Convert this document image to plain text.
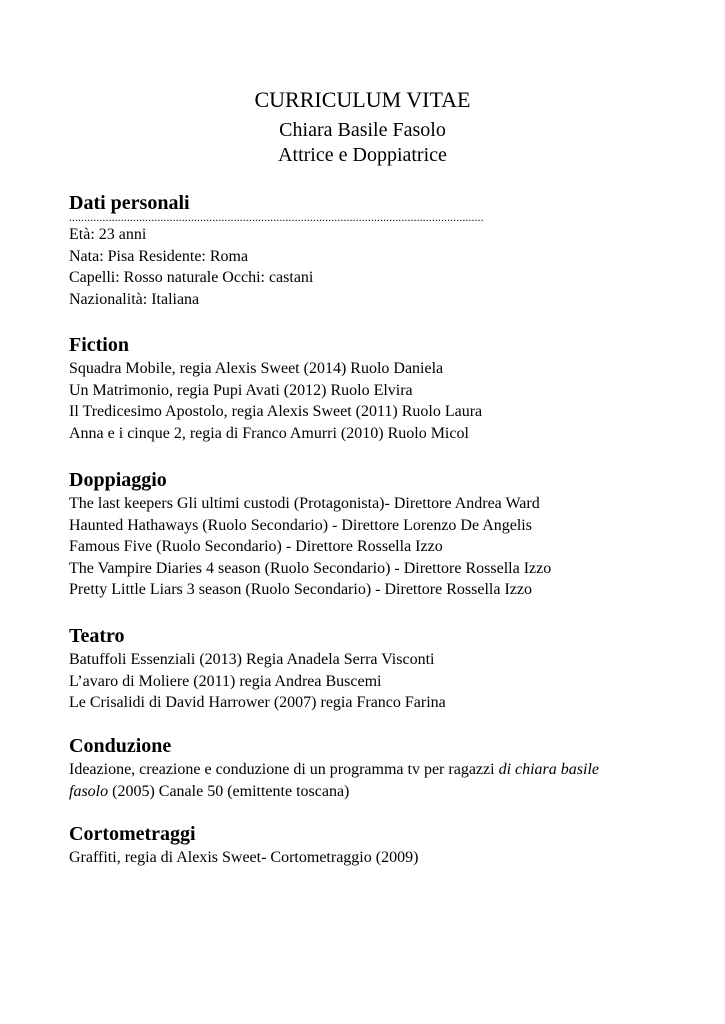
CURRICULUM VITAE
Chiara Basile Fasolo
Attrice e Doppiatrice
Dati personali
........................................................................................................................................
Età: 23 anni
Nata: Pisa Residente: Roma
Capelli: Rosso naturale Occhi: castani
Nazionalità: Italiana
Fiction
Squadra Mobile, regia Alexis Sweet (2014) Ruolo Daniela
Un Matrimonio, regia Pupi Avati (2012) Ruolo Elvira
Il Tredicesimo Apostolo, regia Alexis Sweet (2011) Ruolo Laura
Anna e i cinque 2, regia di Franco Amurri (2010) Ruolo Micol
Doppiaggio
The last keepers Gli ultimi custodi (Protagonista)- Direttore Andrea Ward
Haunted Hathaways (Ruolo Secondario) - Direttore Lorenzo De Angelis
Famous Five (Ruolo Secondario) - Direttore Rossella Izzo
The Vampire Diaries 4 season (Ruolo Secondario) - Direttore Rossella Izzo
Pretty Little Liars 3 season (Ruolo Secondario) - Direttore Rossella Izzo
Teatro
Batuffoli Essenziali (2013) Regia Anadela Serra Visconti
L’avaro di Moliere (2011) regia Andrea Buscemi
Le Crisalidi di David Harrower (2007) regia Franco Farina
Conduzione
Ideazione, creazione e conduzione di un programma tv per ragazzi di chiara basile fasolo (2005) Canale 50 (emittente toscana)
Cortometraggi
Graffiti, regia di Alexis Sweet- Cortometraggio (2009)
